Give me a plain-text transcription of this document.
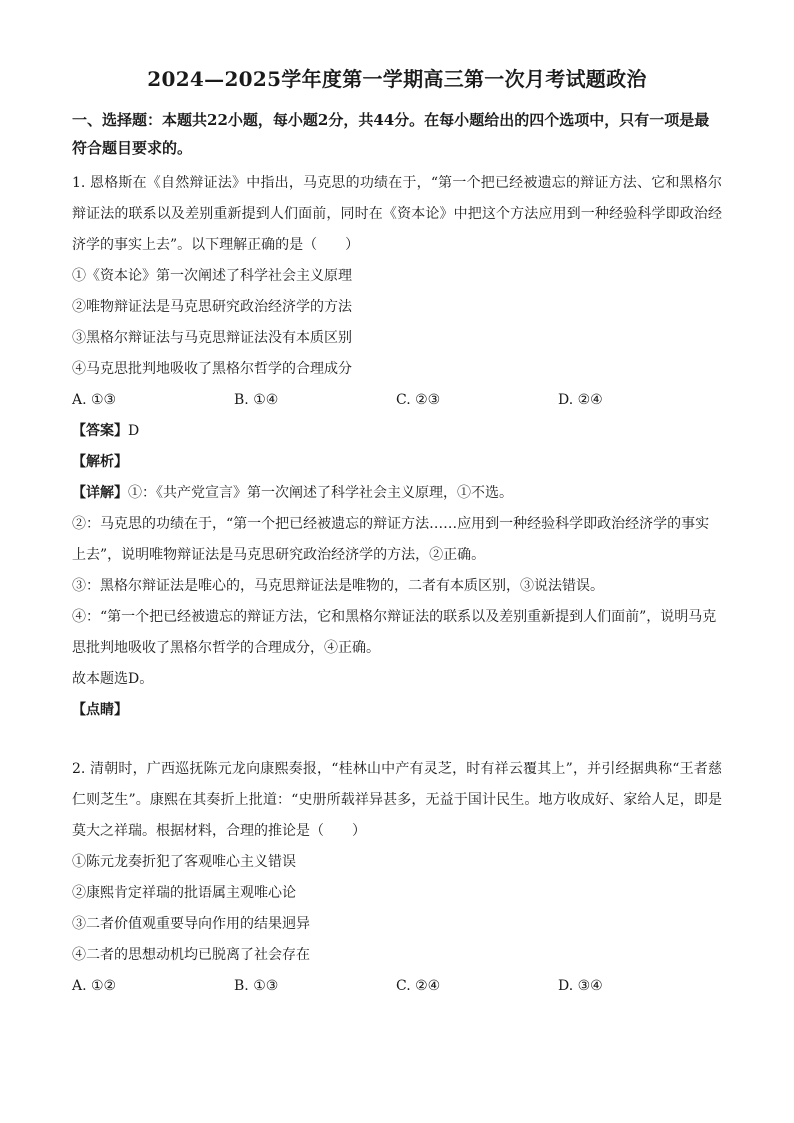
2024—2025学年度第一学期高三第一次月考试题政治
一、选择题：本题共22小题，每小题2分，共44分。在每小题给出的四个选项中，只有一项是最符合题目要求的。

1. 恩格斯在《自然辩证法》中指出，马克思的功绩在于，“第一个把已经被遗忘的辩证方法、它和黑格尔辩证法的联系以及差别重新提到人们面前，同时在《资本论》中把这个方法应用到一种经验科学即政治经济学的事实上去”。以下理解正确的是（　　）

①《资本论》第一次阐述了科学社会主义原理

②唯物辩证法是马克思研究政治经济学的方法

③黑格尔辩证法与马克思辩证法没有本质区别

④马克思批判地吸收了黑格尔哲学的合理成分

A. ①③	B. ①④	C. ②③	D. ②④

【答案】D

【解析】

【详解】①：《共产党宣言》第一次阐述了科学社会主义原理，①不选。

②：马克思的功绩在于，“第一个把已经被遗忘的辩证方法……应用到一种经验科学即政治经济学的事实上去”，说明唯物辩证法是马克思研究政治经济学的方法，②正确。

③：黑格尔辩证法是唯心的，马克思辩证法是唯物的，二者有本质区别，③说法错误。

④：“第一个把已经被遗忘的辩证方法，它和黑格尔辩证法的联系以及差别重新提到人们面前”，说明马克思批判地吸收了黑格尔哲学的合理成分，④正确。

故本题选D。

【点睛】

2. 清朝时，广西巡抚陈元龙向康熙奏报，“桂林山中产有灵芝，时有祥云覆其上”，并引经据典称“王者慈仁则芝生”。康熙在其奏折上批道：“史册所载祥异甚多，无益于国计民生。地方收成好、家给人足，即是莫大之祥瑞。根据材料，合理的推论是（　　）

①陈元龙奏折犯了客观唯心主义错误

②康熙肯定祥瑞的批语属主观唯心论

③二者价值观重要导向作用的结果迥异

④二者的思想动机均已脱离了社会存在

A. ①②	B. ①③	C. ②④	D. ③④
